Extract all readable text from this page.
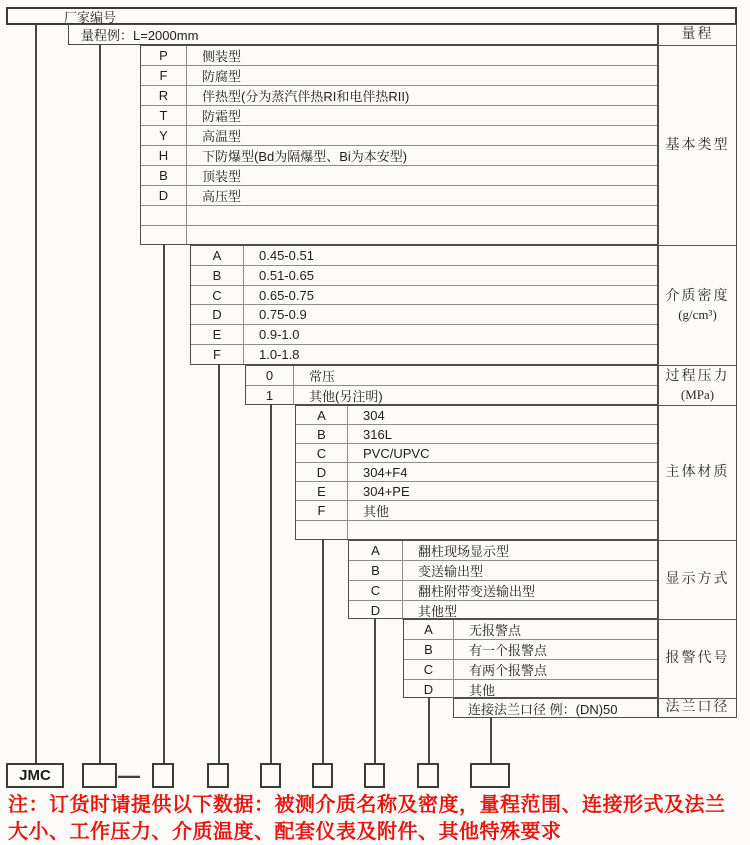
厂家编号
量程例：L=2000mm	量程
基本类型
介质密度
(g/cm³)
过程压力
(MPa)
主体材质
显示方式
报警代号
法兰口径
P	侧装型
F	防腐型
R	伴热型(分为蒸汽伴热RI和电伴热RII)
T	防霜型
Y	高温型
H	下防爆型(Bd为隔爆型、Bi为本安型)
B	顶装型
D	高压型
A	0.45-0.51
B	0.51-0.65
C	0.65-0.75
D	0.75-0.9
E	0.9-1.0
F	1.0-1.8
0	常压
1	其他(另注明)
A	304
B	316L
C	PVC/UPVC
D	304+F4
E	304+PE
F	其他
A	翻柱现场显示型
B	变送输出型
C	翻柱附带变送输出型
D	其他型
A	无报警点
B	有一个报警点
C	有两个报警点
D	其他
连接法兰口径 例：(DN)50
JMC	—
注：订货时请提供以下数据：被测介质名称及密度，量程范围、连接形式及法兰
大小、工作压力、介质温度、配套仪表及附件、其他特殊要求
